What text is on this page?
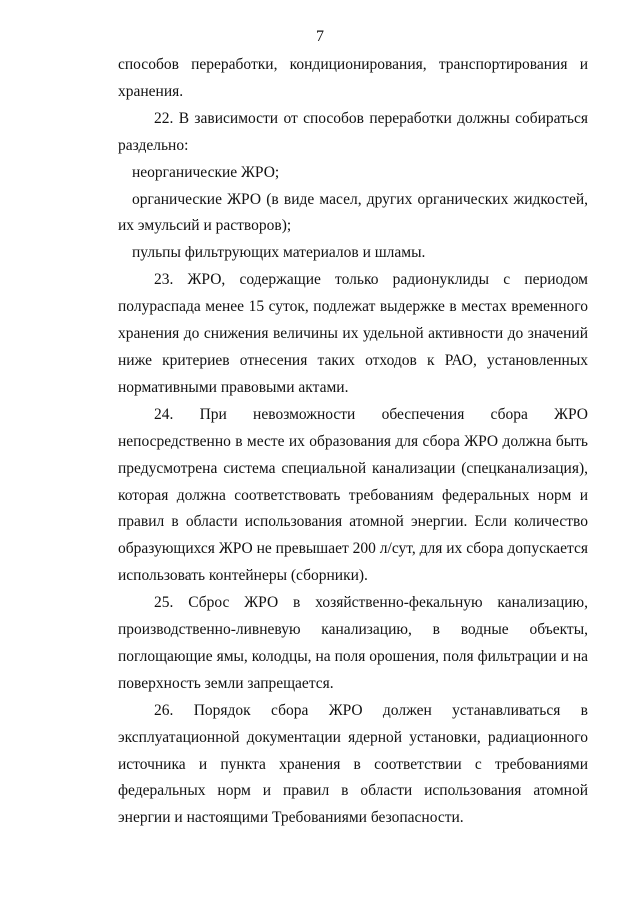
7

способов переработки, кондиционирования, транспортирования и хранения.

22. В зависимости от способов переработки должны собираться раздельно:

неорганические ЖРО;

органические ЖРО (в виде масел, других органических жидкостей, их эмульсий и растворов);

пульпы фильтрующих материалов и шламы.

23. ЖРО, содержащие только радионуклиды с периодом полураспада менее 15 суток, подлежат выдержке в местах временного хранения до снижения величины их удельной активности до значений ниже критериев отнесения таких отходов к РАО, установленных нормативными правовыми актами.

24. При невозможности обеспечения сбора ЖРО непосредственно в месте их образования для сбора ЖРО должна быть предусмотрена система специальной канализации (спецканализация), которая должна соответствовать требованиям федеральных норм и правил в области использования атомной энергии. Если количество образующихся ЖРО не превышает 200 л/сут, для их сбора допускается использовать контейнеры (сборники).

25. Сброс ЖРО в хозяйственно-фекальную канализацию, производственно-ливневую канализацию, в водные объекты, поглощающие ямы, колодцы, на поля орошения, поля фильтрации и на поверхность земли запрещается.

26. Порядок сбора ЖРО должен устанавливаться в эксплуатационной документации ядерной установки, радиационного источника и пункта хранения в соответствии с требованиями федеральных норм и правил в области использования атомной энергии и настоящими Требованиями безопасности.
